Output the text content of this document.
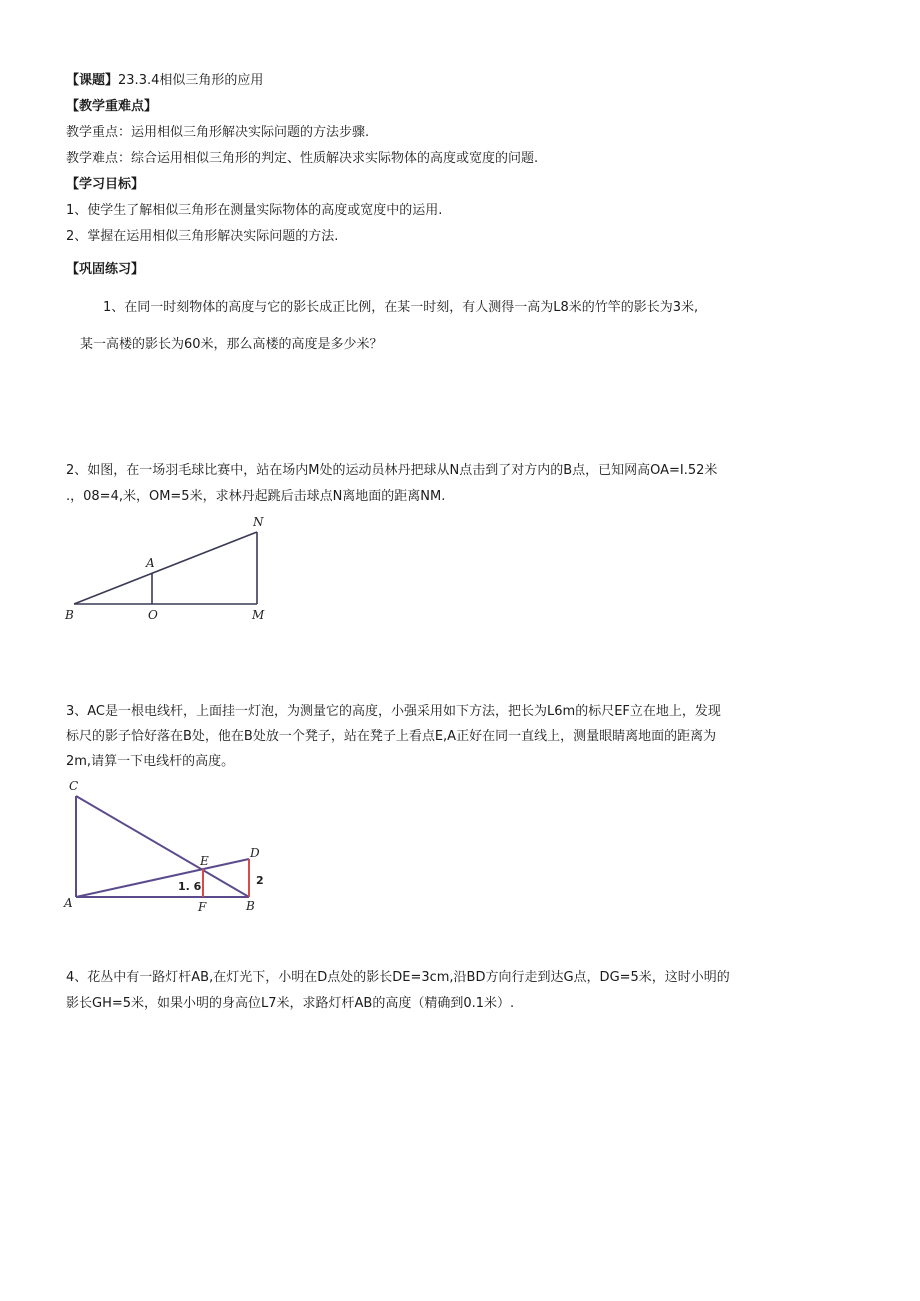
【课题】23.3.4相似三角形的应用
【教学重难点】
教学重点：运用相似三角形解决实际问题的方法步骤.
教学难点：综合运用相似三角形的判定、性质解决求实际物体的高度或宽度的问题.
【学习目标】
1、使学生了解相似三角形在测量实际物体的高度或宽度中的运用.
2、掌握在运用相似三角形解决实际问题的方法.
【巩固练习】
1、在同一时刻物体的高度与它的影长成正比例，在某一时刻，有人测得一高为L8米的竹竿的影长为3米,
某一高楼的影长为60米，那么高楼的高度是多少米？
2、如图，在一场羽毛球比赛中，站在场内M处的运动员林丹把球从N点击到了对方内的B点，已知网高OA=I.52米
.，08=4,米，OM=5米，求林丹起跳后击球点N离地面的距离NM.
B	O	M
A
N
3、AC是一根电线杆，上面挂一灯泡，为测量它的高度，小强采用如下方法，把长为L6m的标尺EF立在地上，发现
标尺的影子恰好落在B处，他在B处放一个凳子，站在凳子上看点E,A正好在同一直线上，测量眼睛离地面的距离为
2m,请算一下电线杆的高度。
C
A	F	B
E
D
1. 6	2
4、花丛中有一路灯杆AB,在灯光下，小明在D点处的影长DE=3cm,沿BD方向行走到达G点，DG=5米，这时小明的
影长GH=5米，如果小明的身高位L7米，求路灯杆AB的高度（精确到0.1米）.
